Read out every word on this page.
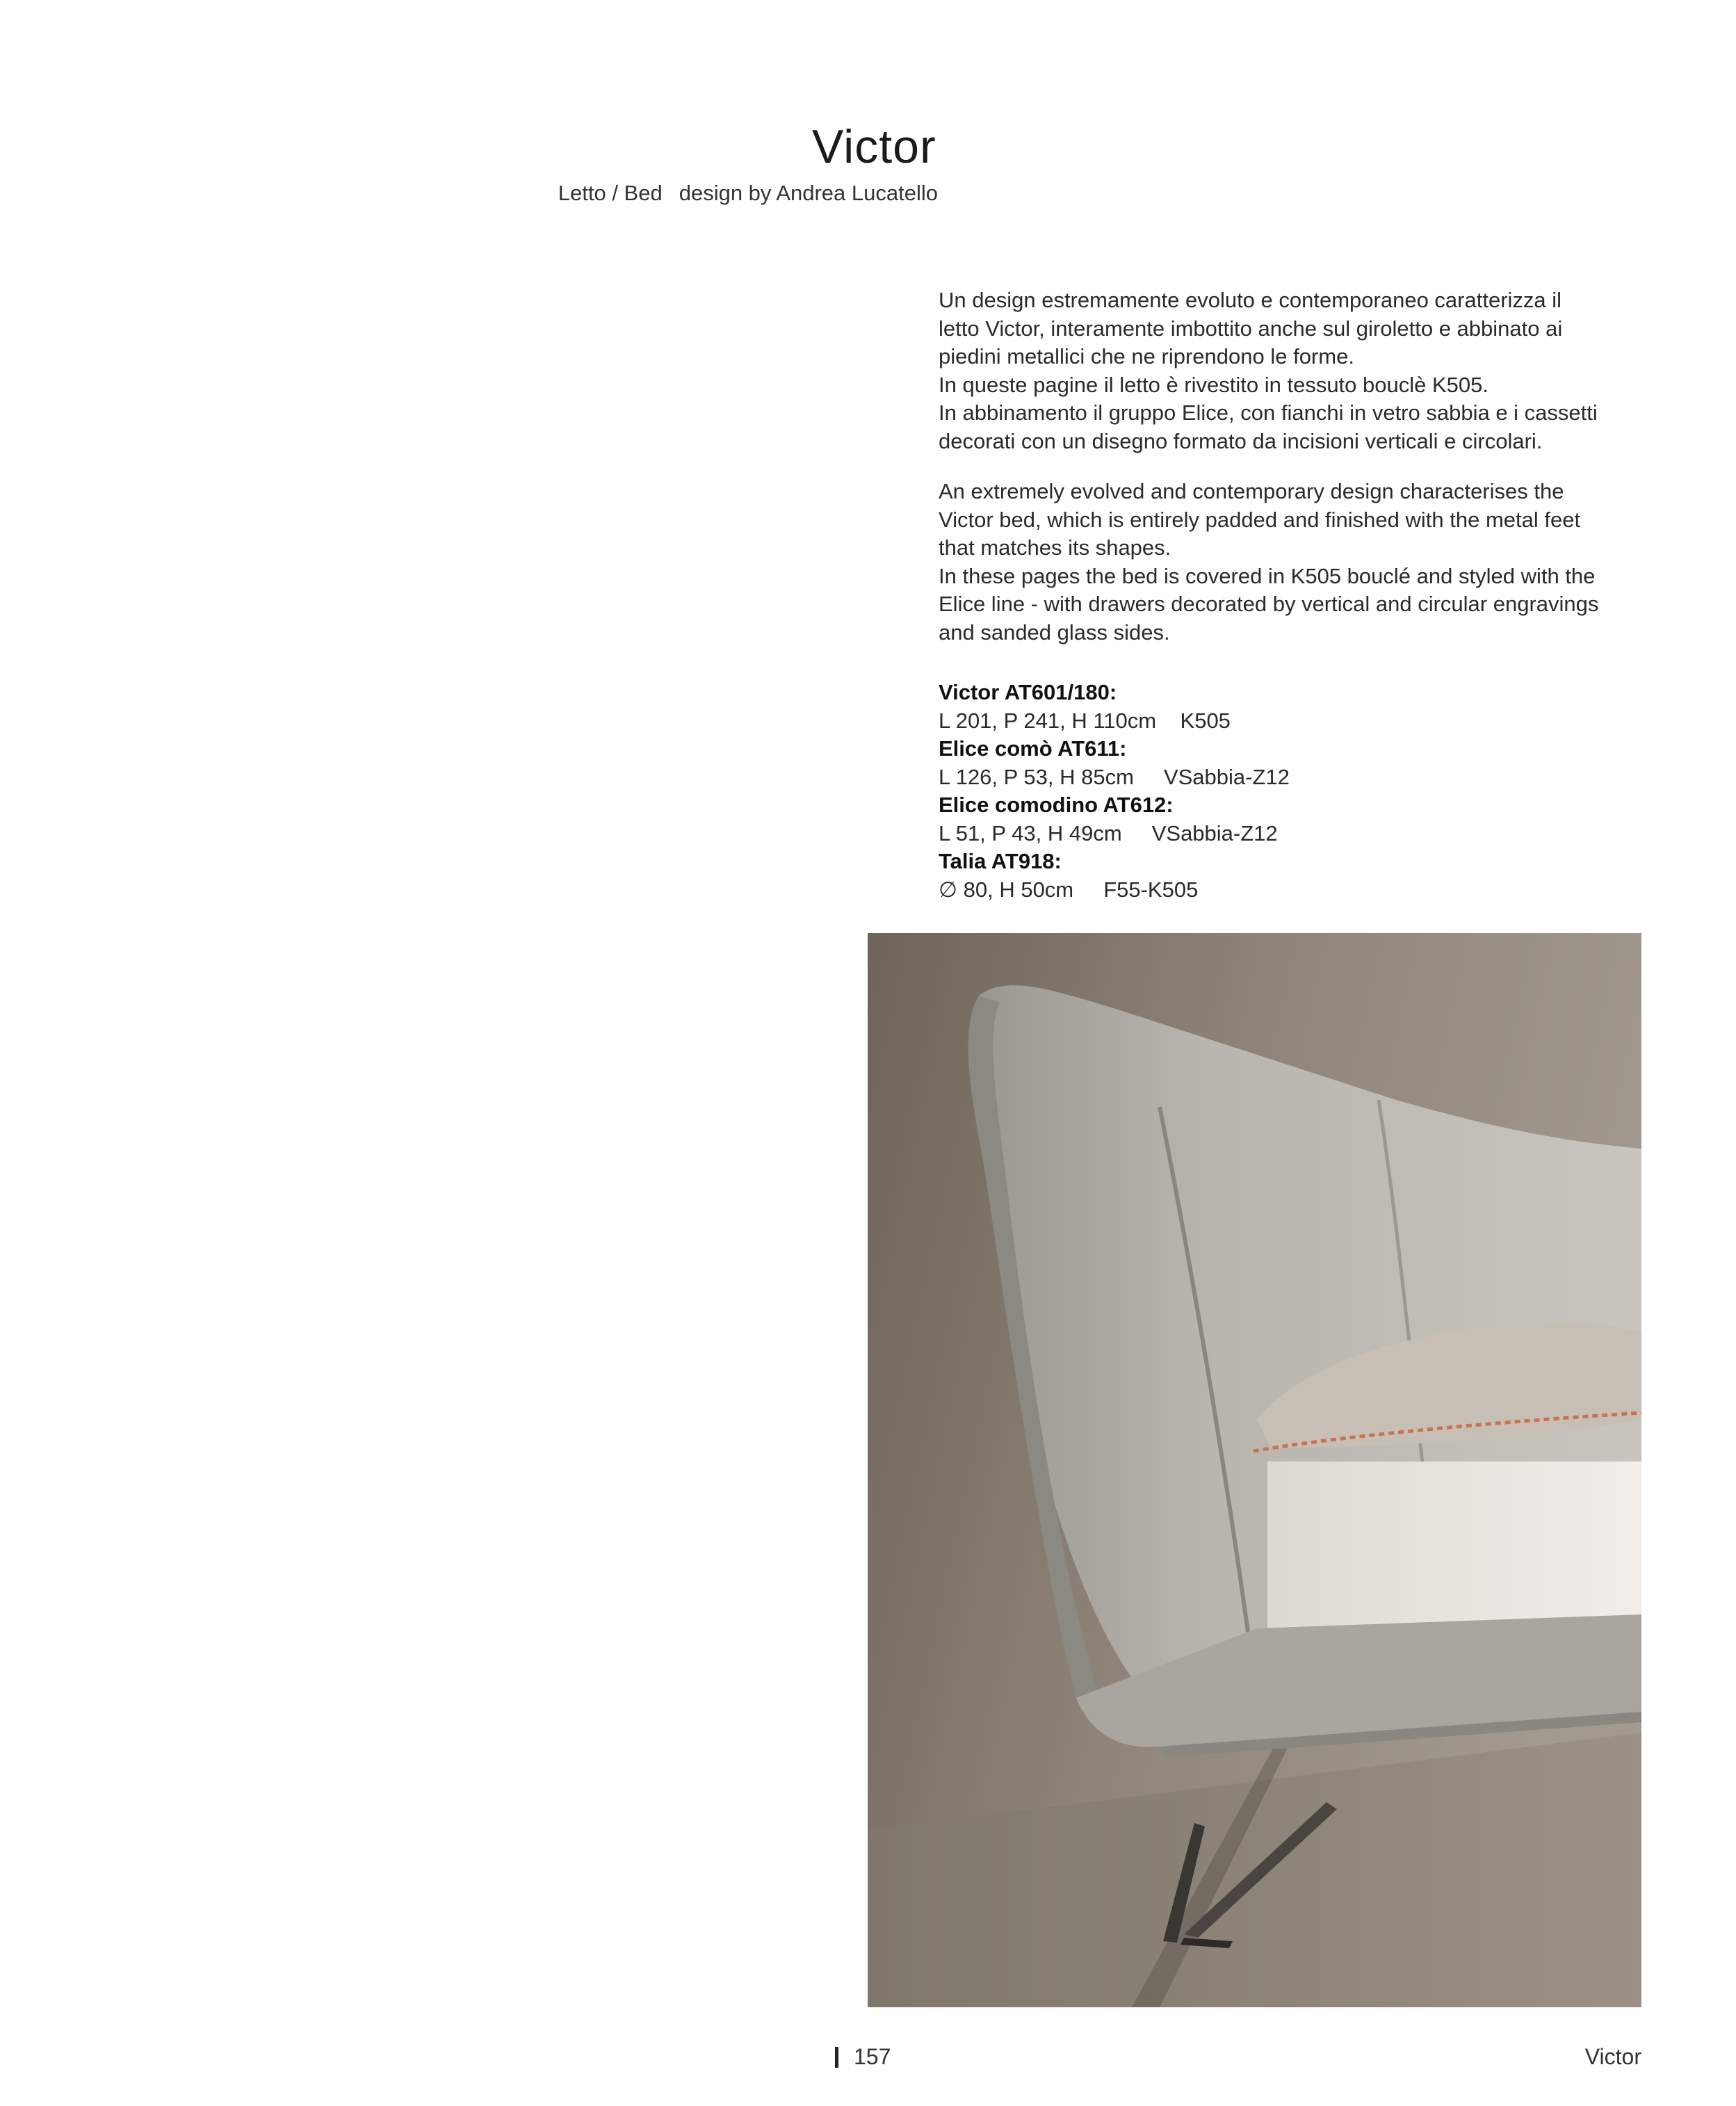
Victor
Letto / Bed design by Andrea Lucatello

Un design estremamente evoluto e contemporaneo caratterizza il

letto Victor, interamente imbottito anche sul giroletto e abbinato ai

piedini metallici che ne riprendono le forme.

In queste pagine il letto è rivestito in tessuto bouclè K505.

In abbinamento il gruppo Elice, con fianchi in vetro sabbia e i cassetti

decorati con un disegno formato da incisioni verticali e circolari.

An extremely evolved and contemporary design characterises the

Victor bed, which is entirely padded and finished with the metal feet

that matches its shapes.

In these pages the bed is covered in K505 bouclé and styled with the

Elice line - with drawers decorated by vertical and circular engravings

and sanded glass sides.

Victor AT601/180:
L 201, P 241, H 110cm    K505
Elice comò AT611:
L 126, P 53, H 85cm     VSabbia-Z12
Elice comodino AT612:
L 51, P 43, H 49cm     VSabbia-Z12
Talia AT918:
∅ 80, H 50cm     F55-K505
157	Victor
